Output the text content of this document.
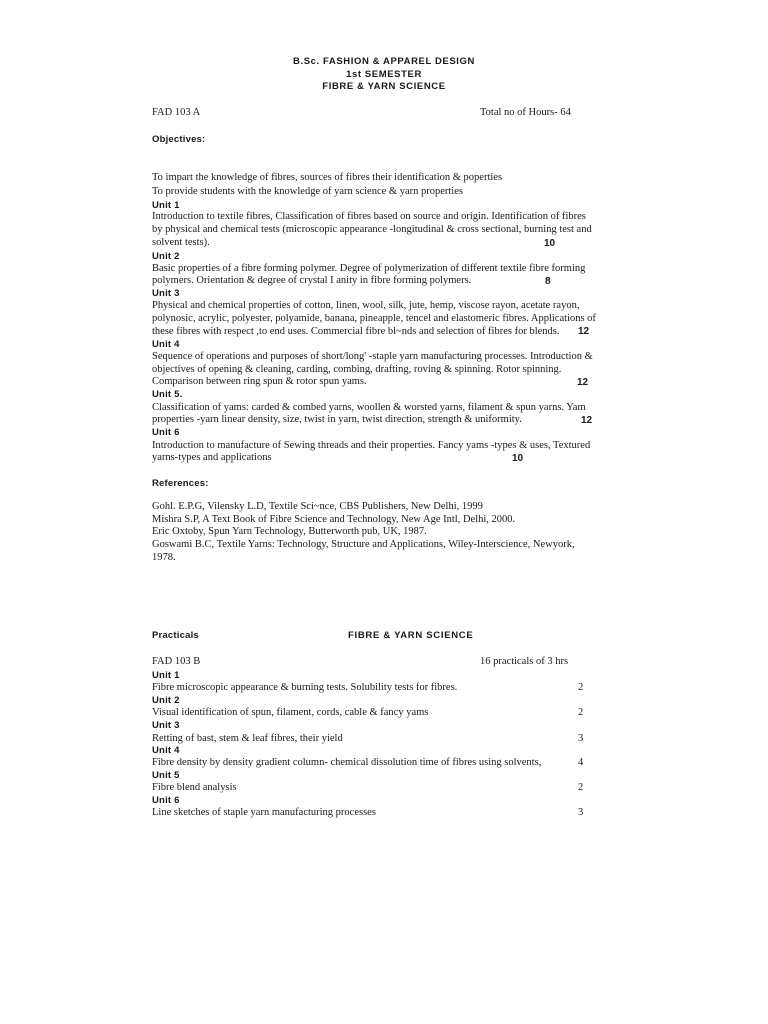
B.Sc. FASHION & APPAREL DESIGN
1st SEMESTER
FIBRE & YARN SCIENCE
FAD 103 A	Total no of Hours- 64
Objectives:
To impart the knowledge of fibres, sources of fibres their identification & poperties
To provide students with the knowledge of yarn science & yarn properties
Unit 1
Introduction to textile fibres, Classification of fibres based on source and origin. Identification of fibres
by physical and chemical tests (microscopic appearance -longitudinal & cross sectional, burning test and
solvent tests).	10
Unit 2
Basic properties of a fibre forming polymer. Degree of polymerization of different textile fibre forming
polymers. Orientation & degree of crystal I anity in fibre forming polymers.	8
Unit 3
Physical and chemical properties of cotton, linen, wool, silk, jute, hemp, viscose rayon, acetate rayon,
polynosic, acrylic, polyester, polyamide, banana, pineapple, tencel and elastomeric fibres. Applications of
these fibres with respect ,to end uses. Commercial fibre bl~nds and selection of fibres for blends. 12
Unit 4
Sequence of operations and purposes of short/long' -staple yarn manufacturing processes. Introduction &
objectives of opening & cleaning, carding, combing, drafting, roving & spinning. Rotor spinning.
Comparison between ring spun & rotor spun yams.	12
Unit 5.
Classification of yams: carded & combed yarns, woollen & worsted yarns, filament & spun yarns. Yam
properties -yarn linear density, size, twist in yarn, twist direction, strength & uniformity.	12
Unit 6
Introduction to manufacture of Sewing threads and their properties. Fancy yams -types & uses, Textured
yarns-types and applications	10
References:
Gohl. E.P.G, Vilensky L.D, Textile Sci~nce, CBS Publishers, New Delhi, 1999
Mishra S.P, A Text Book of Fibre Science and Technology, New Age Intl, Delhi, 2000.
Eric Oxtoby, Spun Yarn Technology, Butterworth pub, UK, 1987.
Goswami B.C, Textile Yarns: Technology, Structure and Applications, Wiley-Interscience, Newyork,
1978.
Practicals	FIBRE & YARN SCIENCE
FAD 103 B	16 practicals of 3 hrs
Unit 1
Fibre microscopic appearance & burning tests. Solubility tests for fibres.	2
Unit 2
Visual identification of spun, filament, cords, cable & fancy yams	2
Unit 3
Retting of bast, stem & leaf fibres, their yield	3
Unit 4
Fibre density by density gradient column- chemical dissolution time of fibres using solvents,	4
Unit 5
Fibre blend analysis	2
Unit 6
Line sketches of staple yarn manufacturing processes	3
